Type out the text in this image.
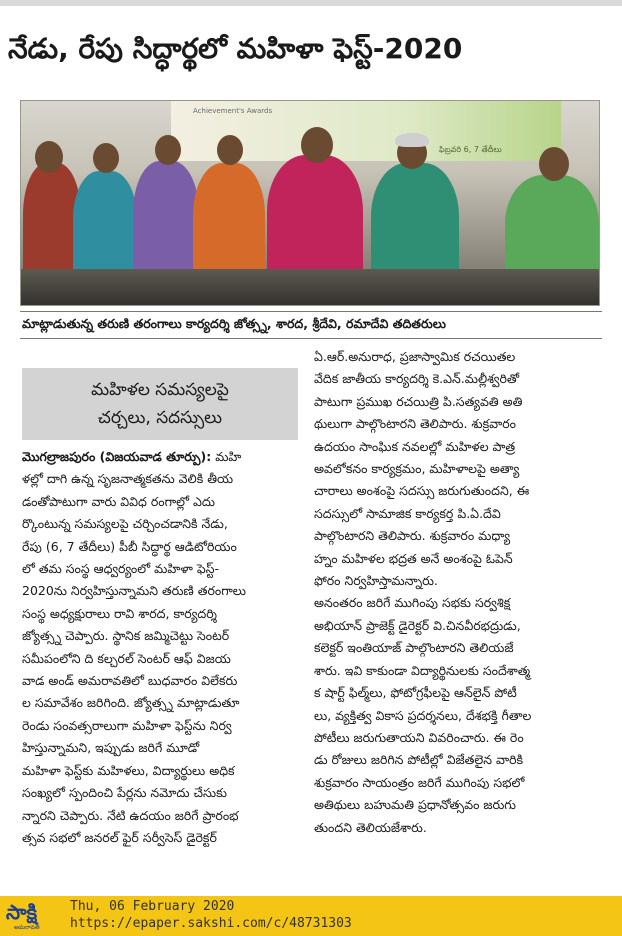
నేడు, రేపు సిద్ధార్థలో మహిళా ఫెస్ట్‌-2020
Achievement's Awards
ఫిబ్రవరి 6, 7 తేదీలు
మాట్లాడుతున్న తరుణి తరంగాలు కార్యదర్శి జోత్స్న, శారద, శ్రీదేవి, రమాదేవి తదితరులు
మహిళల సమస్యలపై
చర్చలు, సదస్సులు

మొగల్రాజపురం (విజయవాడ తూర్పు): మహి

ళల్లో దాగి ఉన్న సృజనాత్మకతను వెలికి తీయ

డంతోపాటుగా వారు వివిధ రంగాల్లో ఎదు

ర్కొంటున్న సమస్యలపై చర్చించడానికి నేడు,

రేపు (6, 7 తేదీలు) పీబీ సిద్ధార్థ ఆడిటోరియం

లో తమ సంస్థ ఆధ్వర్యంలో మహిళా ఫెస్ట్‌-

2020ను నిర్వహిస్తున్నామని తరుణి తరంగాలు

సంస్థ అధ్యక్షురాలు రావి శారద, కార్యదర్శి

జ్యోత్స్న చెప్పారు. స్థానిక జమ్మిచెట్టు సెంటర్‌

సమీపంలోని ది కల్చరల్‌ సెంటర్‌ ఆఫ్‌ విజయ

వాడ అండ్‌ అమరావతిలో బుధవారం విలేకరు

ల సమావేశం జరిగింది. జ్యోత్స్న మాట్లాడుతూ

రెండు సంవత్సరాలుగా మహిళా ఫెస్ట్‌ను నిర్వ

హిస్తున్నామని, ఇప్పుడు జరిగే మూడో

మహిళా ఫెస్ట్‌కు మహిళలు, విద్యార్థులు అధిక

సంఖ్యలో స్పందించి పేర్లను నమోదు చేసుకు

న్నారని చెప్పారు. నేటి ఉదయం జరిగే ప్రారంభ

త్సవ సభలో జనరల్‌ ఫైర్‌ సర్వీసెస్‌ డైరెక్టర్‌

ఏ.ఆర్‌.అనురాధ, ప్రజాస్వామిక రచయితల

వేదిక జాతీయ కార్యదర్శి కె.ఎన్‌.మల్లీశ్వరితో

పాటుగా ప్రముఖ రచయిత్రి పి.సత్యవతి అతి

థులుగా పాల్గొంటారని తెలిపారు. శుక్రవారం

ఉదయం సాంఘిక నవలల్లో మహిళల పాత్ర

అవలోకనం కార్యక్రమం, మహిళాలపై అత్యా

చారాలు అంశంపై సదస్సు జరుగుతుందని, ఈ

సదస్సులో సామాజిక కార్యకర్త పి.ఏ.దేవి

పాల్గొంటారని తెలిపారు. శుక్రవారం మధ్యా

హ్నం మహిళల భద్రత అనే అంశంపై ఓపెన్‌

ఫోరం నిర్వహిస్తామన్నారు.

అనంతరం జరిగే ముగింపు సభకు సర్వశిక్ష

అభియాన్‌ ప్రాజెక్ట్‌ డైరెక్టర్‌ వి.చినవీరభద్రుడు,

కలెక్టర్‌ ఇంతియాజ్‌ పాల్గొంటారని తెలియజే

శారు. ఇవి కాకుండా విద్యార్థినులకు సందేశాత్మ

క షార్ట్‌ ఫిల్మ్‌లు, ఫోటోగ్రఫీలపై ఆన్‌లైన్‌ పోటీ

లు, వ్యక్తిత్వ వికాస ప్రదర్శనలు, దేశభక్తి గీతాల

పోటీలు జరుగుతాయని వివరించారు. ఈ రెం

డు రోజులు జరిగిన పోటీల్లో విజేతలైన వారికి

శుక్రవారం సాయంత్రం జరిగే ముగింపు సభలో

అతిథులు బహుమతి ప్రధానోత్సవం జరుగు

తుందని తెలియజేశారు.

సాక్షి
అమరావతి
Thu, 06 February 2020
https://epaper.sakshi.com/c/48731303
